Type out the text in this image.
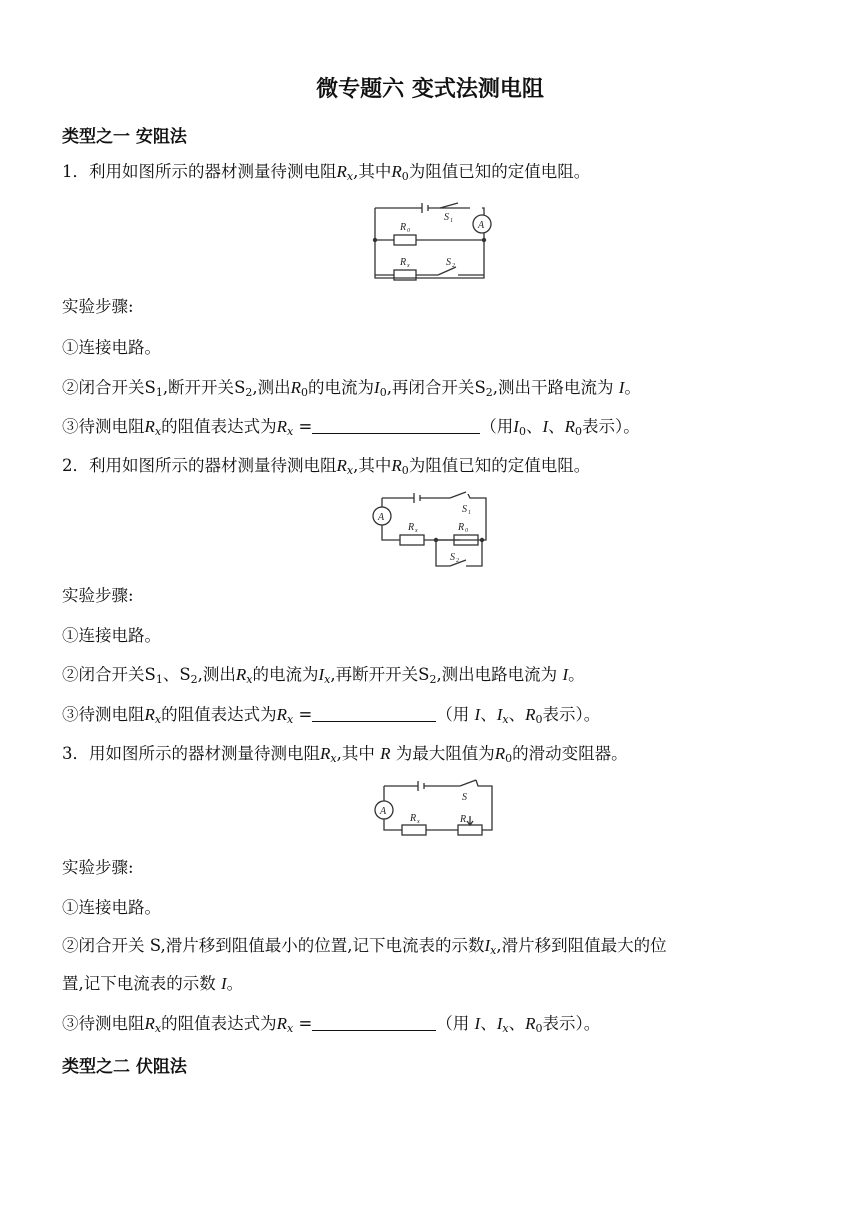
微专题六 变式法测电阻
类型之一 安阻法
1．利用如图所示的器材测量待测电阻Rx,其中R0为阻值已知的定值电阻。
A
R 0
R x
S 1
S 2
实验步骤:
①连接电路。
②闭合开关S1,断开开关S2,测出R0的电流为I0,再闭合开关S2,测出干路电流为 I。
③待测电阻Rx的阻值表达式为Rx =	（用I0、I、R0表示）。
2．利用如图所示的器材测量待测电阻Rx,其中R0为阻值已知的定值电阻。
A
R x	R 0
S 1
S 2
实验步骤:
①连接电路。
②闭合开关S1、S2,测出Rx的电流为Ix,再断开开关S2,测出电路电流为 I。
③待测电阻Rx的阻值表达式为Rx =	（用 I、Ix、R0表示）。
3．用如图所示的器材测量待测电阻Rx,其中 R 为最大阻值为R0的滑动变阻器。
A
R x	R
S
实验步骤:
①连接电路。
②闭合开关 S,滑片移到阻值最小的位置,记下电流表的示数Ix,滑片移到阻值最大的位
置,记下电流表的示数 I。
③待测电阻Rx的阻值表达式为Rx =	（用 I、Ix、R0表示）。
类型之二 伏阻法
